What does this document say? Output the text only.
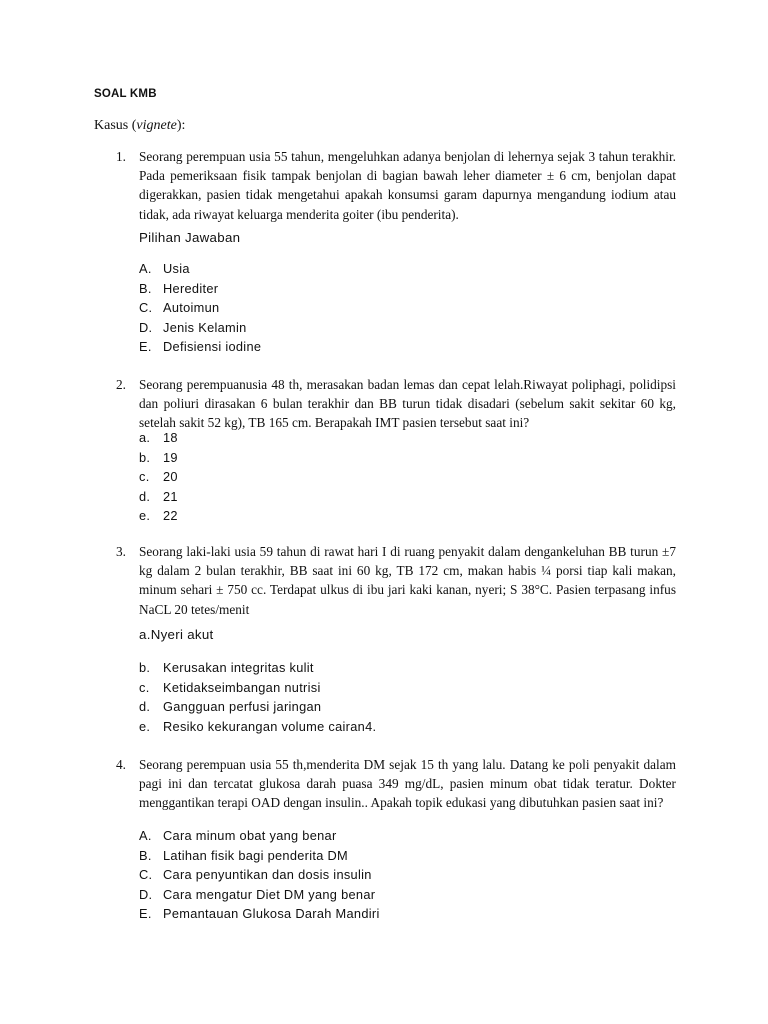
SOAL KMB
Kasus (vignete):
1. Seorang perempuan usia 55 tahun, mengeluhkan adanya benjolan di lehernya sejak 3 tahun terakhir. Pada pemeriksaan fisik tampak benjolan di bagian bawah leher diameter ± 6 cm, benjolan dapat digerakkan, pasien tidak mengetahui apakah konsumsi garam dapurnya mengandung iodium atau tidak, ada riwayat keluarga menderita goiter (ibu penderita).
Pilihan Jawaban
A. Usia
B. Herediter
C. Autoimun
D. Jenis Kelamin
E. Defisiensi iodine
2. Seorang perempuanusia 48 th, merasakan badan lemas dan cepat lelah.Riwayat poliphagi, polidipsi dan poliuri dirasakan 6 bulan terakhir dan BB turun tidak disadari (sebelum sakit sekitar 60 kg, setelah sakit 52 kg), TB 165 cm. Berapakah IMT pasien tersebut saat ini?
a. 18
b. 19
c. 20
d. 21
e. 22
3. Seorang laki-laki usia 59 tahun di rawat hari I di ruang penyakit dalam dengankeluhan BB turun ±7 kg dalam 2 bulan terakhir, BB saat ini 60 kg, TB 172 cm, makan habis ¼ porsi tiap kali makan, minum sehari ± 750 cc. Terdapat ulkus di ibu jari kaki kanan, nyeri; S 38°C. Pasien terpasang infus NaCL 20 tetes/menit
a.Nyeri akut
b. Kerusakan integritas kulit
c. Ketidakseimbangan nutrisi
d. Gangguan perfusi jaringan
e. Resiko kekurangan volume cairan4.
4. Seorang perempuan usia 55 th,menderita DM sejak 15 th yang lalu. Datang ke poli penyakit dalam pagi ini dan tercatat glukosa darah puasa 349 mg/dL, pasien minum obat tidak teratur. Dokter menggantikan terapi OAD dengan insulin.. Apakah topik edukasi yang dibutuhkan pasien saat ini?
A. Cara minum obat yang benar
B. Latihan fisik bagi penderita DM
C. Cara penyuntikan dan dosis insulin
D. Cara mengatur Diet DM yang benar
E. Pemantauan Glukosa Darah Mandiri
